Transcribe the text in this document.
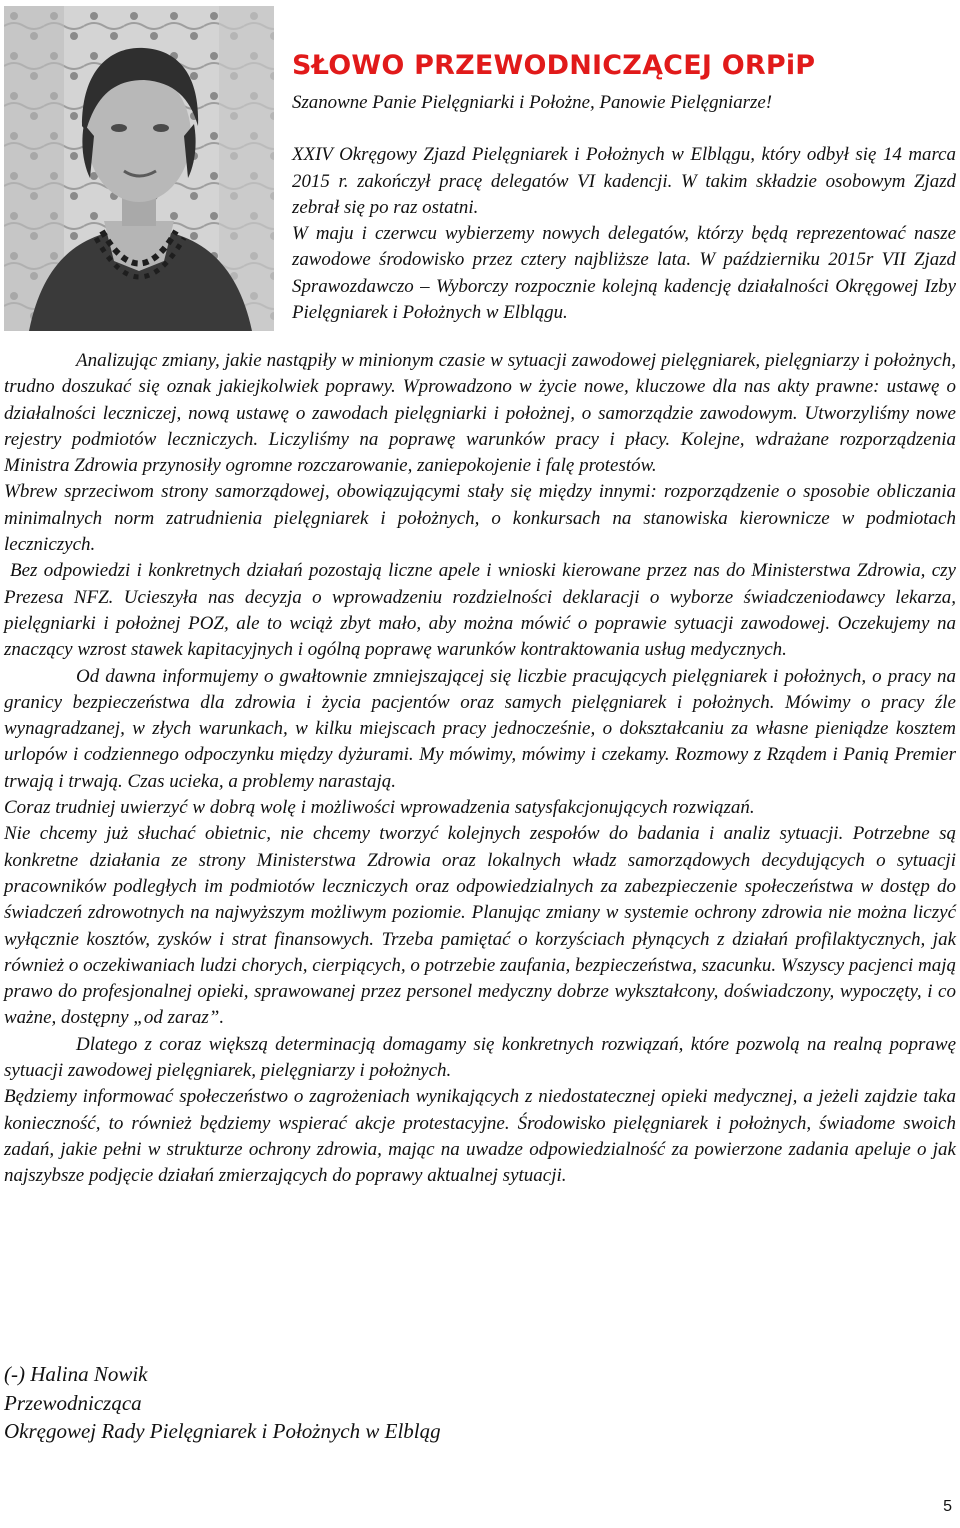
SŁOWO PRZEWODNICZĄCEJ ORPiP

Szanowne Panie Pielęgniarki i Położne, Panowie Pielęgniarze!

XXIV Okręgowy Zjazd Pielęgniarek i Położnych w Elblągu, który odbył się 14 marca 2015 r. zakończył pracę delegatów VI kadencji. W takim składzie osobowym Zjazd zebrał się po raz ostatni.

W maju i czerwcu wybierzemy nowych delegatów, którzy będą reprezentować nasze zawodowe środowisko przez cztery najbliższe lata. W październiku 2015r VII Zjazd Sprawozdawczo – Wyborczy rozpocznie kolejną kadencję działalności Okręgowej Izby Pielęgniarek i Położnych w Elblągu.

Analizując zmiany, jakie nastąpiły w minionym czasie w sytuacji zawodowej pielęgniarek, pielęgniarzy i położnych, trudno doszukać się oznak jakiejkolwiek poprawy. Wprowadzono w życie nowe, kluczowe dla nas akty prawne: ustawę o działalności leczniczej, nową ustawę o zawodach pielęgniarki i położnej, o samorządzie zawodowym. Utworzyliśmy nowe rejestry podmiotów leczniczych. Liczyliśmy na poprawę warunków pracy i płacy. Kolejne, wdrażane rozporządzenia Ministra Zdrowia przynosiły ogromne rozczarowanie, zaniepokojenie i falę protestów.

Wbrew sprzeciwom strony samorządowej, obowiązującymi stały się między innymi: rozporządzenie o sposobie obliczania minimalnych norm zatrudnienia pielęgniarek i położnych, o konkursach na stanowiska kierownicze w podmiotach leczniczych.

Bez odpowiedzi i konkretnych działań pozostają liczne apele i wnioski kierowane przez nas do Ministerstwa Zdrowia, czy Prezesa NFZ. Ucieszyła nas decyzja o wprowadzeniu rozdzielności deklaracji o wyborze świadczeniodawcy lekarza, pielęgniarki i położnej POZ, ale to wciąż zbyt mało, aby można mówić o poprawie sytuacji zawodowej. Oczekujemy na znaczący wzrost stawek kapitacyjnych i ogólną poprawę warunków kontraktowania usług medycznych.

Od dawna informujemy o gwałtownie zmniejszającej się liczbie pracujących pielęgniarek i położnych, o pracy na granicy bezpieczeństwa dla zdrowia i życia pacjentów oraz samych pielęgniarek i położnych. Mówimy o pracy źle wynagradzanej, w złych warunkach, w kilku miejscach pracy jednocześnie, o dokształcaniu za własne pieniądze kosztem urlopów i codziennego odpoczynku między dyżurami. My mówimy, mówimy i czekamy. Rozmowy z Rządem i Panią Premier trwają i trwają. Czas ucieka, a problemy narastają.

Coraz trudniej uwierzyć w dobrą wolę i możliwości wprowadzenia satysfakcjonujących rozwiązań.

Nie chcemy już słuchać obietnic, nie chcemy tworzyć kolejnych zespołów do badania i analiz sytuacji. Potrzebne są konkretne działania ze strony Ministerstwa Zdrowia oraz lokalnych władz samorządowych decydujących o sytuacji pracowników podległych im podmiotów leczniczych oraz odpowiedzialnych za zabezpieczenie społeczeństwa w dostęp do świadczeń zdrowotnych na najwyższym możliwym poziomie. Planując zmiany w systemie ochrony zdrowia nie można liczyć wyłącznie kosztów, zysków i strat finansowych. Trzeba pamiętać o korzyściach płynących z działań profilaktycznych, jak również o oczekiwaniach ludzi chorych, cierpiących, o potrzebie zaufania, bezpieczeństwa, szacunku. Wszyscy pacjenci mają prawo do profesjonalnej opieki, sprawowanej przez personel medyczny dobrze wykształcony, doświadczony, wypoczęty, i co ważne, dostępny „od zaraz”.

Dlatego z coraz większą determinacją domagamy się konkretnych rozwiązań, które pozwolą na realną poprawę sytuacji zawodowej pielęgniarek, pielęgniarzy i położnych.

Będziemy informować społeczeństwo o zagrożeniach wynikających z niedostatecznej opieki medycznej, a jeżeli zajdzie taka konieczność, to również będziemy wspierać akcje protestacyjne. Środowisko pielęgniarek i położnych, świadome swoich zadań, jakie pełni w strukturze ochrony zdrowia, mając na uwadze odpowiedzialność za powierzone zadania apeluje o jak najszybsze podjęcie działań zmierzających do poprawy aktualnej sytuacji.

(-) Halina Nowik
Przewodnicząca
Okręgowej Rady Pielęgniarek i Położnych w Elbląg
5
